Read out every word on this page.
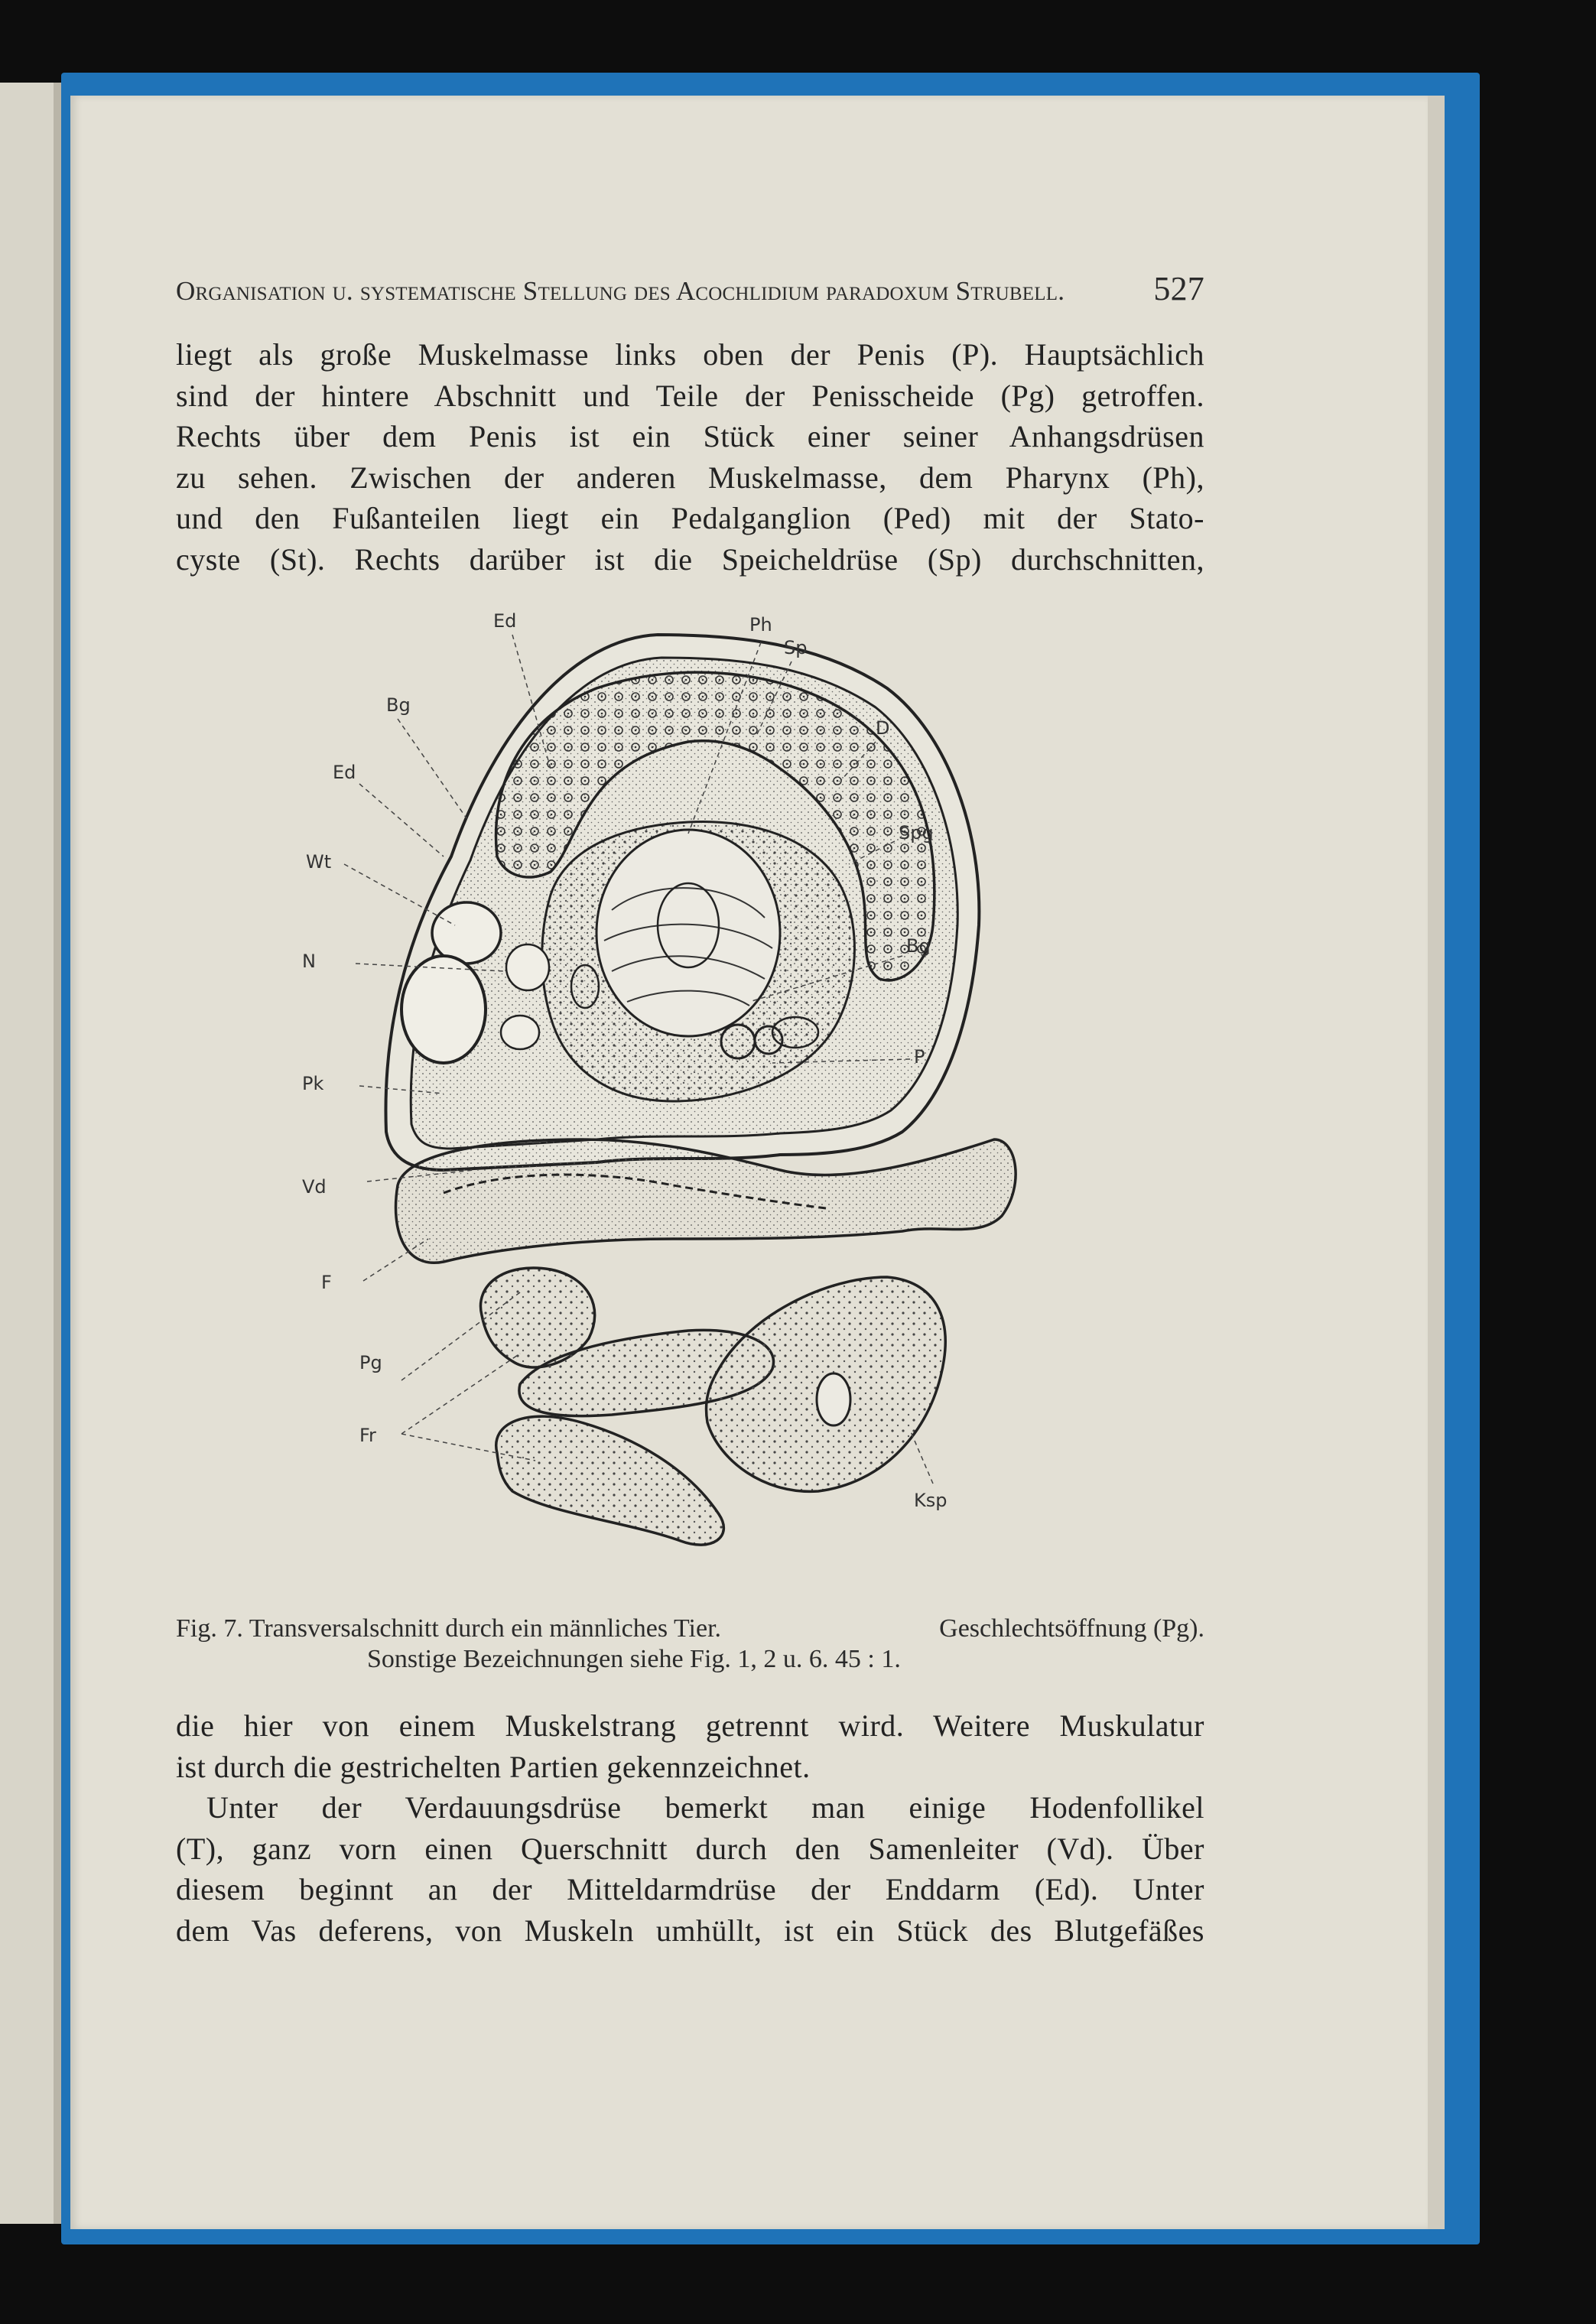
Organisation u. systematische Stellung des Acochlidium paradoxum Strubell.	527
liegt als große Muskelmasse links oben der Penis (P). Hauptsächlich
sind der hintere Abschnitt und Teile der Penisscheide (Pg) getroffen.
Rechts über dem Penis ist ein Stück einer seiner Anhangsdrüsen
zu sehen. Zwischen der anderen Muskelmasse, dem Pharynx (Ph),
und den Fußanteilen liegt ein Pedalganglion (Ped) mit der Stato-
cyste (St). Rechts darüber ist die Speicheldrüse (Sp) durchschnitten,
Ed	Ph
Sp
Bg
D
Ed
Spg
Wt
Bg
N
P
Pk
Vd
F
Pg
Fr
Ksp
Fig. 7. Transversalschnitt durch ein männliches Tier.	Geschlechtsöffnung (Pg).
Sonstige Bezeichnungen siehe Fig. 1, 2 u. 6. 45 : 1.
die hier von einem Muskelstrang getrennt wird. Weitere Muskulatur
ist durch die gestrichelten Partien gekennzeichnet.
Unter der Verdauungsdrüse bemerkt man einige Hodenfollikel
(T), ganz vorn einen Querschnitt durch den Samenleiter (Vd). Über
diesem beginnt an der Mitteldarmdrüse der Enddarm (Ed). Unter
dem Vas deferens, von Muskeln umhüllt, ist ein Stück des Blutgefäßes
